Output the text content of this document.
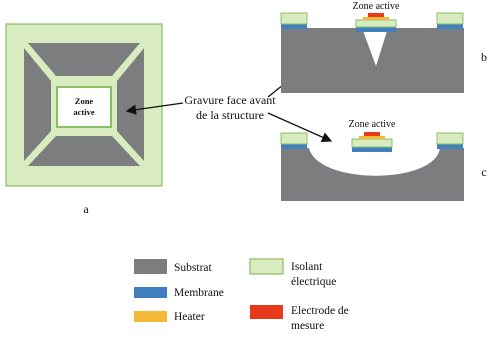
Zone
active
a
Gravure face avant
de la structure
Zone active
b
Zone active
c
Substrat	Isolant
électrique
Membrane
Heater	Electrode de
mesure
